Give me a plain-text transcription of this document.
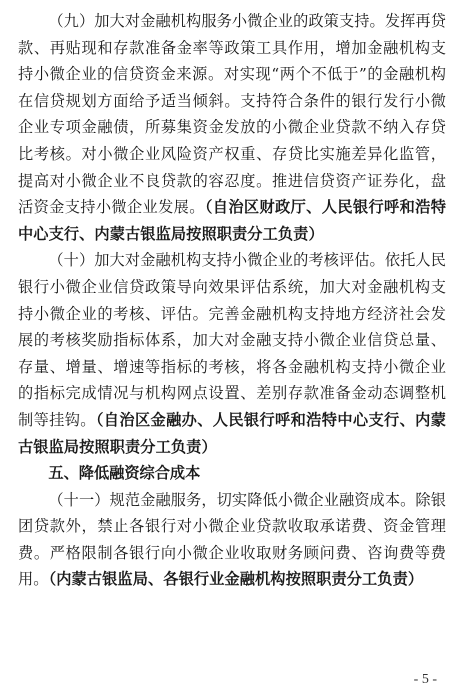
（九）加大对金融机构服务小微企业的政策支持。发挥再贷款、再贴现和存款准备金率等政策工具作用，增加金融机构支持小微企业的信贷资金来源。对实现“两个不低于”的金融机构在信贷规划方面给予适当倾斜。支持符合条件的银行发行小微企业专项金融债，所募集资金发放的小微企业贷款不纳入存贷比考核。对小微企业风险资产权重、存贷比实施差异化监管，提高对小微企业不良贷款的容忍度。推进信贷资产证券化，盘活资金支持小微企业发展。（自治区财政厅、人民银行呼和浩特中心支行、内蒙古银监局按照职责分工负责）

（十）加大对金融机构支持小微企业的考核评估。依托人民银行小微企业信贷政策导向效果评估系统，加大对金融机构支持小微企业的考核、评估。完善金融机构支持地方经济社会发展的考核奖励指标体系，加大对金融支持小微企业信贷总量、存量、增量、增速等指标的考核，将各金融机构支持小微企业的指标完成情况与机构网点设置、差别存款准备金动态调整机制等挂钩。（自治区金融办、人民银行呼和浩特中心支行、内蒙古银监局按照职责分工负责）

五、降低融资综合成本

（十一）规范金融服务，切实降低小微企业融资成本。除银团贷款外，禁止各银行对小微企业贷款收取承诺费、资金管理费。严格限制各银行向小微企业收取财务顾问费、咨询费等费用。（内蒙古银监局、各银行业金融机构按照职责分工负责）

- 5 -
